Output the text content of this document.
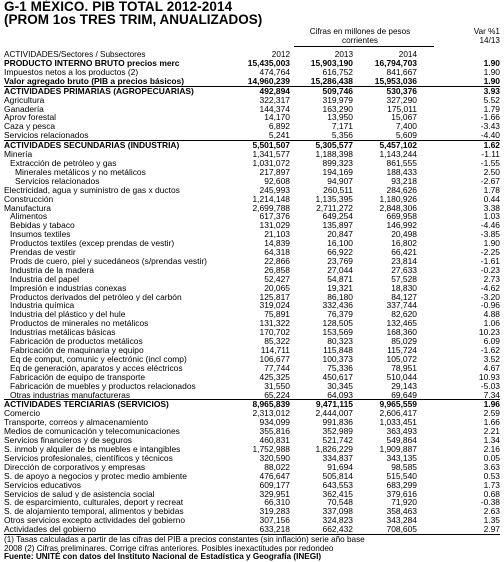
G-1 MÉXICO. PIB TOTAL 2012-2014
(PROM 1os TRES TRIM, ANUALIZADOS)
Cifras en millones de pesos corrientes
Var %1
14/13
ACTIVIDADES/Sectores / Subsectores	2012	2013	2014
PRODUCTO INTERNO BRUTO precios merc	15,435,003	15,903,190	16,794,703	1.90
Impuestos netos a los productos (2)	474,764	616,752	841,667	1.90
Valor agregado bruto (PIB a precios básicos)	14,960,239	15,286,438	15,953,036	1.90
ACTIVIDADES PRIMARIAS (AGROPECUARIAS)	492,894	509,746	530,376	3.93
Agricultura	322,317	319,979	327,290	5.52
Ganadería	144,374	163,290	175,011	1.79
Aprov forestal	14,170	13,950	15,067	-1.66
Caza y pesca	6,892	7,171	7,400	-3.43
Servicios relacionados	5,241	5,356	5,609	-4.40
ACTIVIDADES SECUNDARIAS (INDUSTRIA)	5,501,507	5,305,577	5,457,102	1.62
Minería	1,341,577	1,188,398	1,143,244	-1.11
Extracción de petróleo y gas	1,031,072	899,323	861,555	-1.55
Minerales metálicos y no metálicos	217,897	194,169	188,433	2.50
Servicios relacionados	92,608	94,907	93,218	-2.67
Electricidad, agua y suministro de gas x ductos	245,993	260,511	284,626	1.78
Construcción	1,214,148	1,135,395	1,180,926	0.44
Manufactura	2,699,788	2,711,272	2,848,306	3.38
Alimentos	617,376	649,254	669,958	1.03
Bebidas y tabaco	131,029	135,897	146,992	-4.46
Insumos textiles	21,103	20,847	20,498	-3.85
Productos textiles (excep prendas de vestir)	14,839	16,100	16,802	1.90
Prendas de vestir	64,318	66,922	66,421	-2.25
Prods de cuero, piel y sucedáneos (s/prendas vestir)	22,866	23,769	23,814	-1.61
Industria de la madera	26,858	27,044	27,633	-0.23
Industria del papel	52,427	54,871	57,528	2.73
Impresión e industrias conexas	20,065	19,321	18,830	-4.62
Productos derivados del petróleo y del carbón	125,817	86,180	84,127	-3.20
Industria química	319,024	332,436	337,744	-0.96
Industria del plástico y del hule	75,891	76,379	82,620	4.88
Productos de minerales no metálicos	131,322	128,505	132,465	1.06
Industrias metálicas básicas	170,702	153,569	168,360	10.23
Fabricación de productos metálicos	85,322	80,323	85,029	6.09
Fabricación de maquinaria y equipo	114,711	115,848	115,724	-1.62
Eq de comput, comunic y electrónic (incl comp)	106,677	100,373	105,072	3.52
Eq de generación, aparatos y acces eléctricos	77,744	75,336	78,951	4.67
Fabricación de equipo de transporte	425,325	450,617	510,044	10.93
Fabricación de muebles y productos relacionados	31,550	30,345	29,143	-5.03
Otras industrias manufactureras	65,224	64,093	69,649	7.34
ACTIVIDADES TERCIARIAS (SERVICIOS)	8,965,839	9,471,115	9,965,559	1.96
Comercio	2,313,012	2,444,007	2,606,417	2.59
Transporte, correos y almacenamiento	934,099	991,836	1,033,451	1.66
Medios de comunicación y telecomunicaciones	355,816	352,989	363,493	2.21
Servicios financieros y de seguros	460,831	521,742	549,864	1.34
S. inmob y alquiler de bs muebles e intangibles	1,752,988	1,826,229	1,909,887	2.16
Servicios profesionales, científicos y técnicos	320,590	334,837	343,135	0.05
Dirección de corporativos y empresas	88,022	91,694	98,585	3.63
S. de apoyo a negocios y protec medio ambiente	476,647	505,814	515,540	0.53
Servicios educativos	609,177	643,553	683,299	1.73
Servicios de salud y de asistencia social	329,951	362,415	379,616	0.68
S. de esparcimiento, culturales, deport y recreat	66,310	70,548	71,920	-0.38
S. de alojamiento temporal, alimentos y bebidas	319,283	337,098	358,463	2.63
Otros servicios excepto actividades del gobierno	307,156	324,823	343,284	1.35
Actividades del gobierno	633,218	662,432	708,605	2.97
(1) Tasas calculadas a partir de las cifras del PIB a precios constantes (sin inflación) serie año base
2008 (2) Cifras preliminares. Corrige cifras anteriores. Posibles inexactitudes por redondeo
Fuente: UNITÉ con datos del Instituto Nacional de Estadística y Geografía (INEGI)
